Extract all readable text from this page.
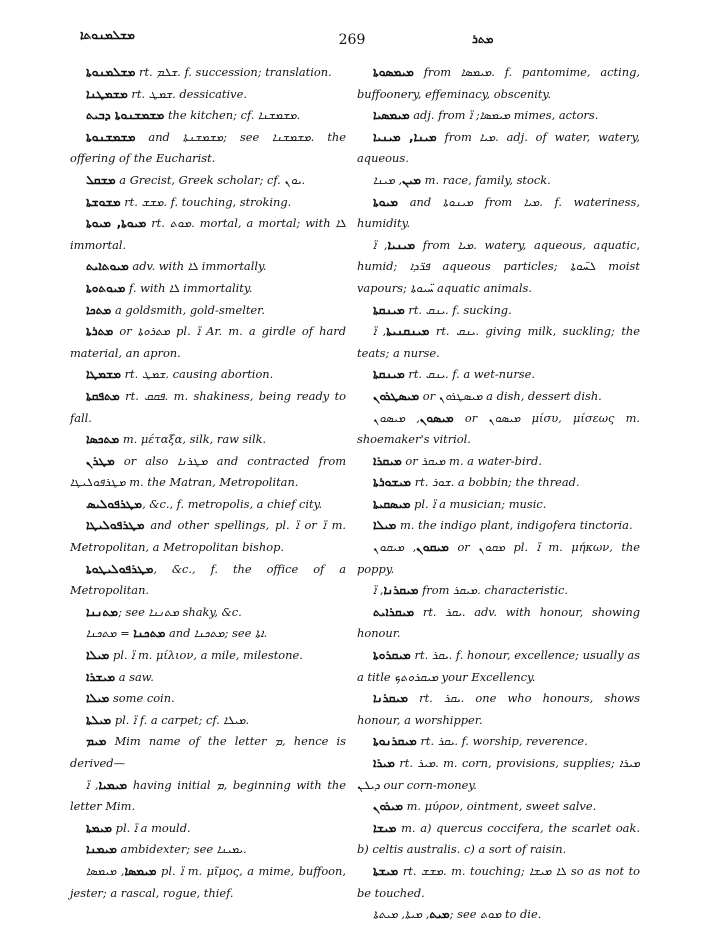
ܡܫܠܡܢܘܬܐ	269	ܡܬܪ
ܡܫܠܡܢܘܬܐ rt. ܫܠܡ. f. succession; translation.
ܡܫܡܛܢܐ rt. ܫܡܛ. dessicative.
ܡܫܡܫܢܘܬܐ ܕܒܝܬ the kitchen; cf. ܡܫܡܫܢܐ.
ܡܫܡܫܢܘܬܐ and ܡܫܡܫܢܬܐ; see ܡܫܡܫܢܐ. the offering of the Eucharist.
ܡܫܩܠ a Grecist, Greek scholar; cf. ܝܘܢ.
ܡܫܘܫܬܐ rt. ܡܫܫ. f. touching, stroking.
ܡܝܘܬܐ, ܡܝܘܬܐ rt. ܡܘܬ. mortal, a mortal; with ܠܐ immortal.
ܡܝܘܬܐܝܬ adv. with ܠܐ immortally.
ܡܝܘܬܘܬܐ f. with ܠܐ immortality.
ܡܬܟܐ a goldsmith, gold-smelter.
ܡܬܪܬܐ or ܡܬܪܘܬܐ pl. ܐ̈ Ar. m. a girdle of hard material, an apron.
ܡܫܡܛܐ rt. ܫܡܛ. causing abortion.
ܡܬܦܩܬܐ rt. ܦܩܩ. m. shakiness, being ready to fall.
ܡܬܟܣܐ m. μέταξα, silk, raw silk.
ܡܛܪܢ or also ܡܛܪܢܐ and contracted from ܡܛܪܦܘܠܝܛܐ m. the Matran, Metropolitan.
ܡܛܪܦܘܠܝܣ, &c., f. metropolis, a chief city.
ܡܛܪܦܘܠܝܛܐ and other spellings, pl. ܐ̈ or ܐ̈ m. Metropolitan, a Metropolitan bishop.
ܡܛܪܦܘܠܝܛܘܬܐ, &c., f. the office of a Metropolitan.
ܡܬܢܢܐ; see ܡܬܢܢܐ shaky, &c.
ܡܬܟܢܐ = ܡܬܟܢܐ and ܡܬܟܢܐ; see ܐܬܐ.
ܡܝܠܐ pl. ܐ̈ m. μίλιον, a mile, milestone.
ܡܝܫܪܐ a saw.
ܡܝܠܐ some coin.
ܡܝܠܬܐ pl. ܐ̈ f. a carpet; cf. ܡܝܠܐ.
ܡܝܡ Mim name of the letter ܡ, hence is derived—
ܡܝܡܝܐ, ܐ̈ having initial ܡ, beginning with the letter Mim.
ܡܝܡܬܐ pl. ܐ̈ a mould.
ܡܝܡܢܐ ambidexter; see ܝܡܝܢܐ.
ܡܝܡܣܐ, ܡܝܡܣܐ pl. ܐ̈ m. μῖμος, a mime, buffoon, jester; a rascal, rogue, thief.
ܡܝܡܣܘܬܐ from ܡܝܡܣܐ. f. pantomime, acting, buffoonery, effeminacy, obscenity.
ܡܝܡܣܝܐ adj. from ܡܝܡܣܐ; ܐ̈ mimes, actors.
ܡܝܢܐ, ܡܝܢܝܐ from ܡܝܐ. adj. of water, watery, aqueous.
ܡܝܢ, ܡܝܢܐ m. race, family, stock.
ܡܝܘܬܐ and ܡܝܢܘܬܐ from ܡܝܐ. f. wateriness, humidity.
ܡܝܢܝܐ, ܐ̈ from ܡܝܐ. watery, aqueous, aquatic, humid; ܦܪ̈ܕܐ aqueous particles; ܠܚ̈ܘܬܐ moist vapours; ܚ̈ܝܘܬܐ aquatic animals.
ܡܝܢܩܬܐ rt. ܝܢܩ. f. sucking.
ܡܝܢܩܢܝܬܐ, ܐ̈ rt. ܝܢܩ. giving milk, suckling; the teats; a nurse.
ܡܝܢܩܬܐ rt. ܝܢܩ. f. a wet-nurse.
ܡܝܣܛܪܘܢ or ܡܝܣܛܪܘܢ a dish, dessert dish.
ܡܝܣܘܢ, ܡܝܣܘܢ or ܡܝܣܘܢ μίσυ, μίσεως m. shoemaker's vitriol.
ܡܝܩܪܐ or ܡܝܩܪ m. a water-bird.
ܡܝܫܘܪܬܐ rt. ܫܘܪ. a bobbin; the thread.
ܡܝܣܩܝܬܐ pl. ܐ̈ a musician; music.
ܡܝܠܐ m. the indigo plant, indigofera tinctoria.
ܡܝܩܘܢ, ܡܝܩܘܢ or ܡܩܘܢ pl. ܐ̈ m. μήκων, the poppy.
ܡܝܩܪܢܐ, ܐ̈ from ܡܝܩܪ. characteristic.
ܡܝܩܪܐܝܬ rt. ܝܩܪ. adv. with honour, showing honour.
ܡܝܩܪܘܬܐ rt. ܝܩܪ. f. honour, excellence; usually as a title ܡܝܩܪܘܬܟ your Excellency.
ܡܝܩܪܢܐ rt. ܝܩܪ. one who honours, shows honour, a worshipper.
ܡܝܩܪܢܘܬܐ rt. ܝܩܪ. f. worship, reverence.
ܡܝܪܐ rt. ܡܝܪ. m. corn, provisions, supplies; ܡܝܪܐ ܕܝܠܢ our corn-money.
ܡܝܪܘܢ m. μύρον, ointment, sweet salve.
ܡܝܫܐ m. a) quercus coccifera, the scarlet oak. b) celtis australis. c) a sort of raisin.
ܡܝܫܬܐ rt. ܡܫܫ. m. touching; ܠܐ ܡܝܫܐ so as not to be touched.
ܡܝܬ, ܡܝܬܐ, ܡܝܬܬܐ; see ܡܘܬ to die.
